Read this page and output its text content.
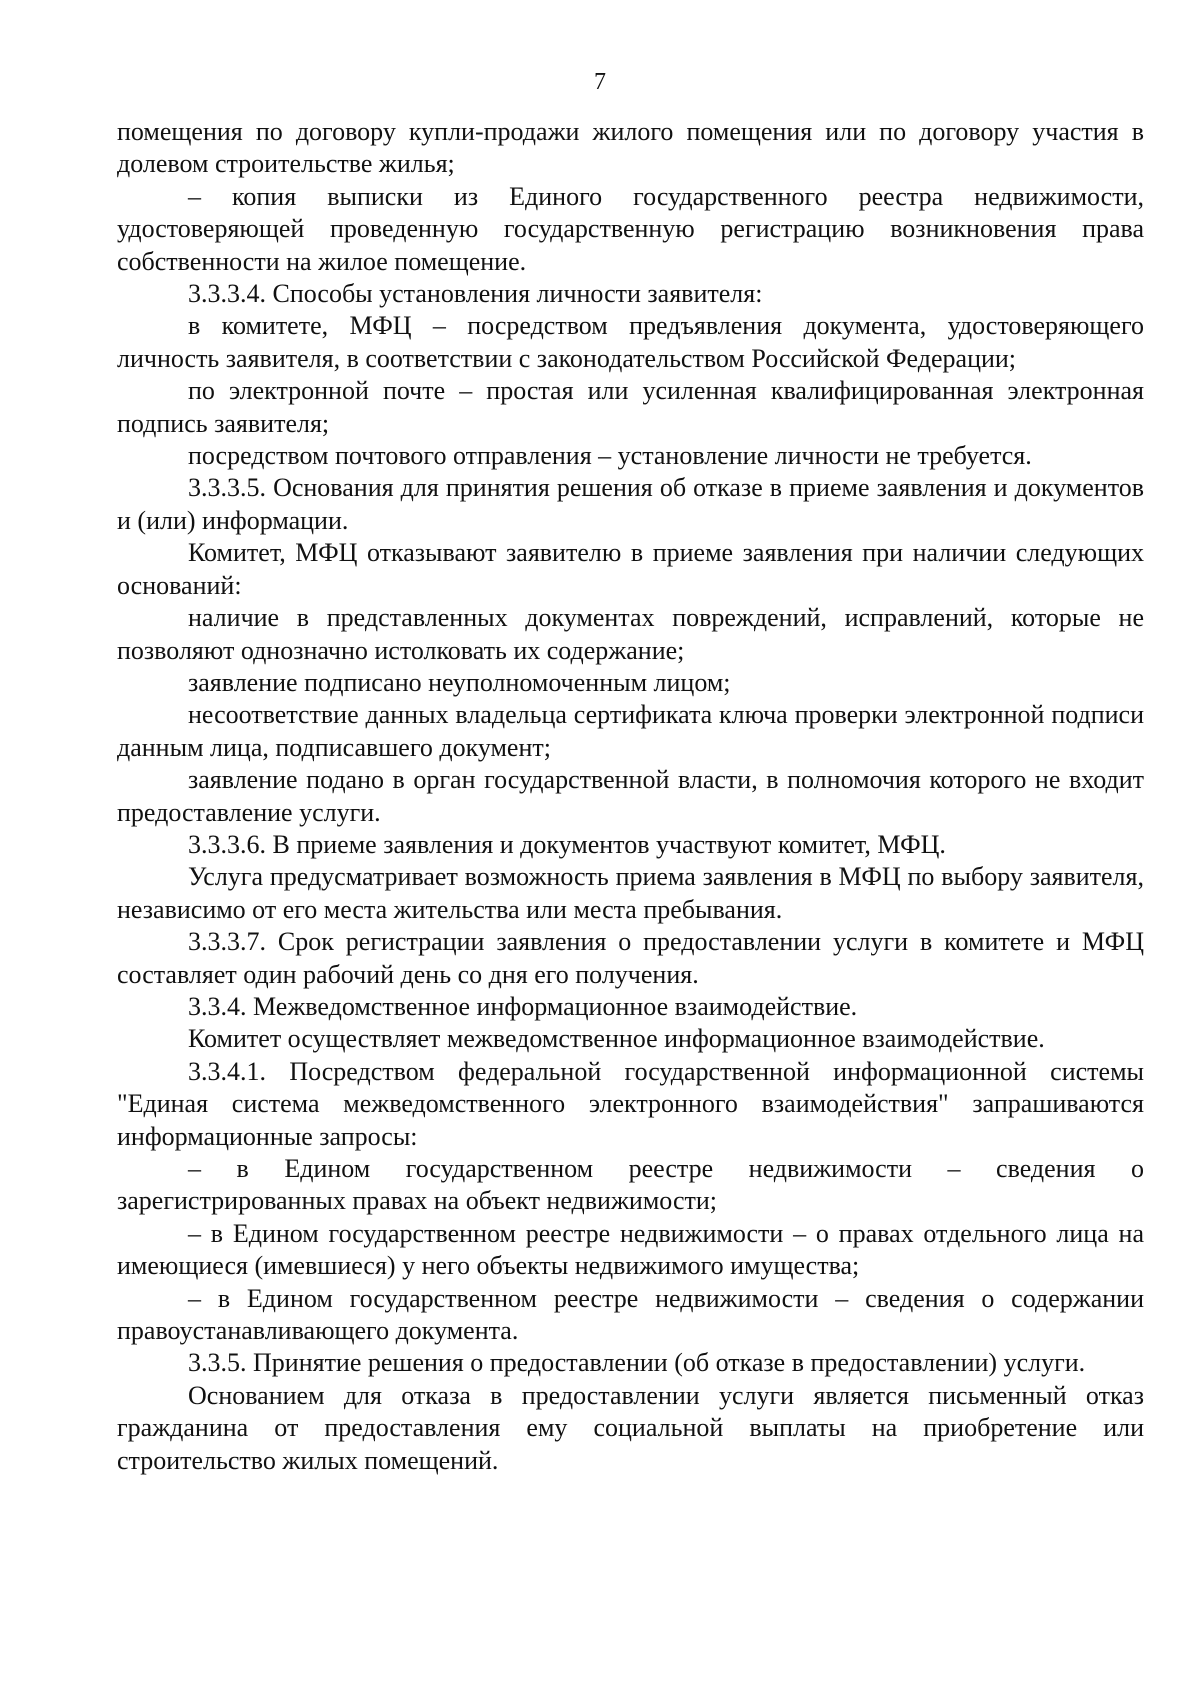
7

помещения по договору купли-продажи жилого помещения или по договору участия в долевом строительстве жилья;

– копия выписки из Единого государственного реестра недвижимости, удостоверяющей проведенную государственную регистрацию возникновения права собственности на жилое помещение.

3.3.3.4. Способы установления личности заявителя:

в комитете, МФЦ – посредством предъявления документа, удостоверяющего личность заявителя, в соответствии с законодательством Российской Федерации;

по электронной почте – простая или усиленная квалифицированная электронная подпись заявителя;

посредством почтового отправления – установление личности не требуется.

3.3.3.5. Основания для принятия решения об отказе в приеме заявления и документов и (или) информации.

Комитет, МФЦ отказывают заявителю в приеме заявления при наличии следующих оснований:

наличие в представленных документах повреждений, исправлений, которые не позволяют однозначно истолковать их содержание;

заявление подписано неуполномоченным лицом;

несоответствие данных владельца сертификата ключа проверки электронной подписи данным лица, подписавшего документ;

заявление подано в орган государственной власти, в полномочия которого не входит предоставление услуги.

3.3.3.6. В приеме заявления и документов участвуют комитет, МФЦ.

Услуга предусматривает возможность приема заявления в МФЦ по выбору заявителя, независимо от его места жительства или места пребывания.

3.3.3.7. Срок регистрации заявления о предоставлении услуги в комитете и МФЦ составляет один рабочий день со дня его получения.

3.3.4. Межведомственное информационное взаимодействие.

Комитет осуществляет межведомственное информационное взаимодействие.

3.3.4.1. Посредством федеральной государственной информационной системы "Единая система межведомственного электронного взаимодействия" запрашиваются информационные запросы:

– в Едином государственном реестре недвижимости – сведения о зарегистрированных правах на объект недвижимости;

– в Едином государственном реестре недвижимости – о правах отдельного лица на имеющиеся (имевшиеся) у него объекты недвижимого имущества;

– в Едином государственном реестре недвижимости – сведения о содержании правоустанавливающего документа.

3.3.5. Принятие решения о предоставлении (об отказе в предоставлении) услуги.

Основанием для отказа в предоставлении услуги является письменный отказ гражданина от предоставления ему социальной выплаты на приобретение или строительство жилых помещений.
